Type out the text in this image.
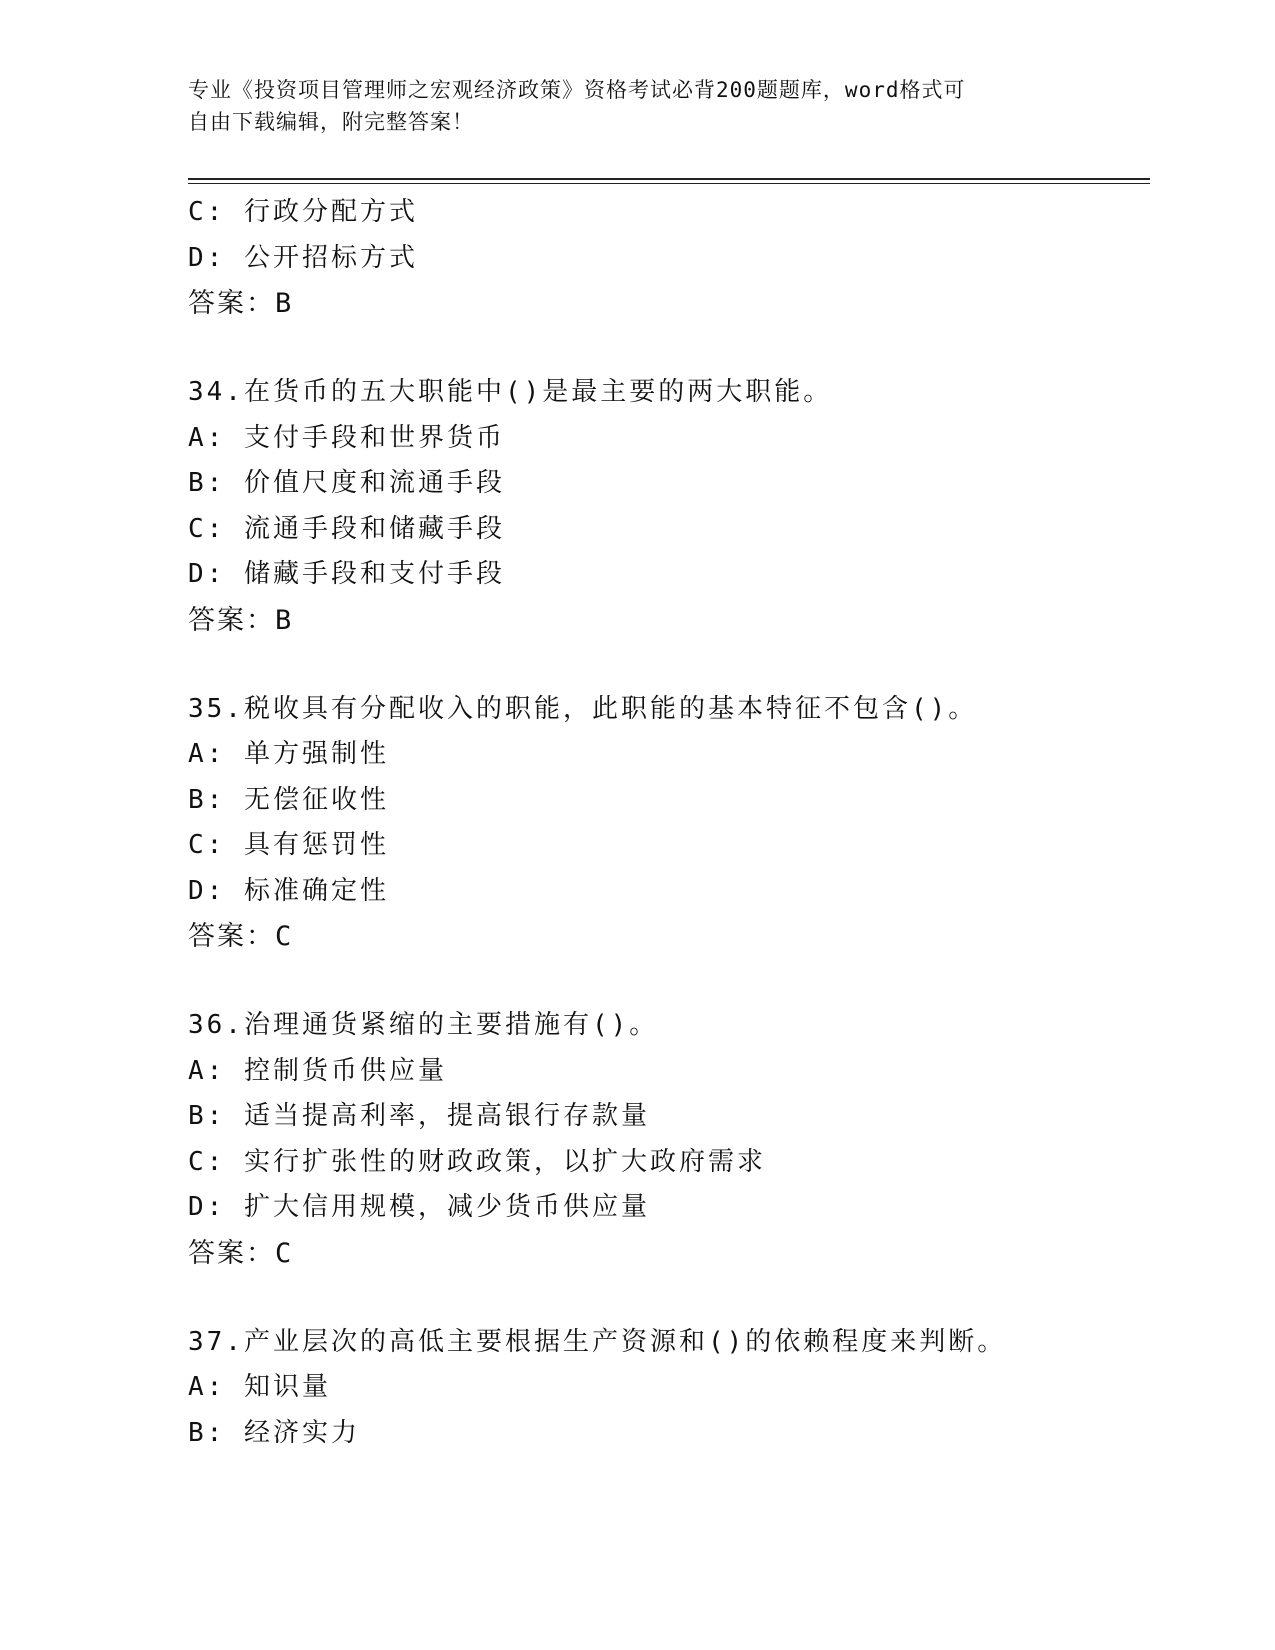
专业《投资项目管理师之宏观经济政策》资格考试必背200题题库，word格式可
自由下载编辑，附完整答案！
C: 行政分配方式
D: 公开招标方式
答案：B
34.在货币的五大职能中()是最主要的两大职能。
A: 支付手段和世界货币
B: 价值尺度和流通手段
C: 流通手段和储藏手段
D: 储藏手段和支付手段
答案：B
35.税收具有分配收入的职能，此职能的基本特征不包含()。
A: 单方强制性
B: 无偿征收性
C: 具有惩罚性
D: 标准确定性
答案：C
36.治理通货紧缩的主要措施有()。
A: 控制货币供应量
B: 适当提高利率，提高银行存款量
C: 实行扩张性的财政政策，以扩大政府需求
D: 扩大信用规模，减少货币供应量
答案：C
37.产业层次的高低主要根据生产资源和()的依赖程度来判断。
A: 知识量
B: 经济实力
